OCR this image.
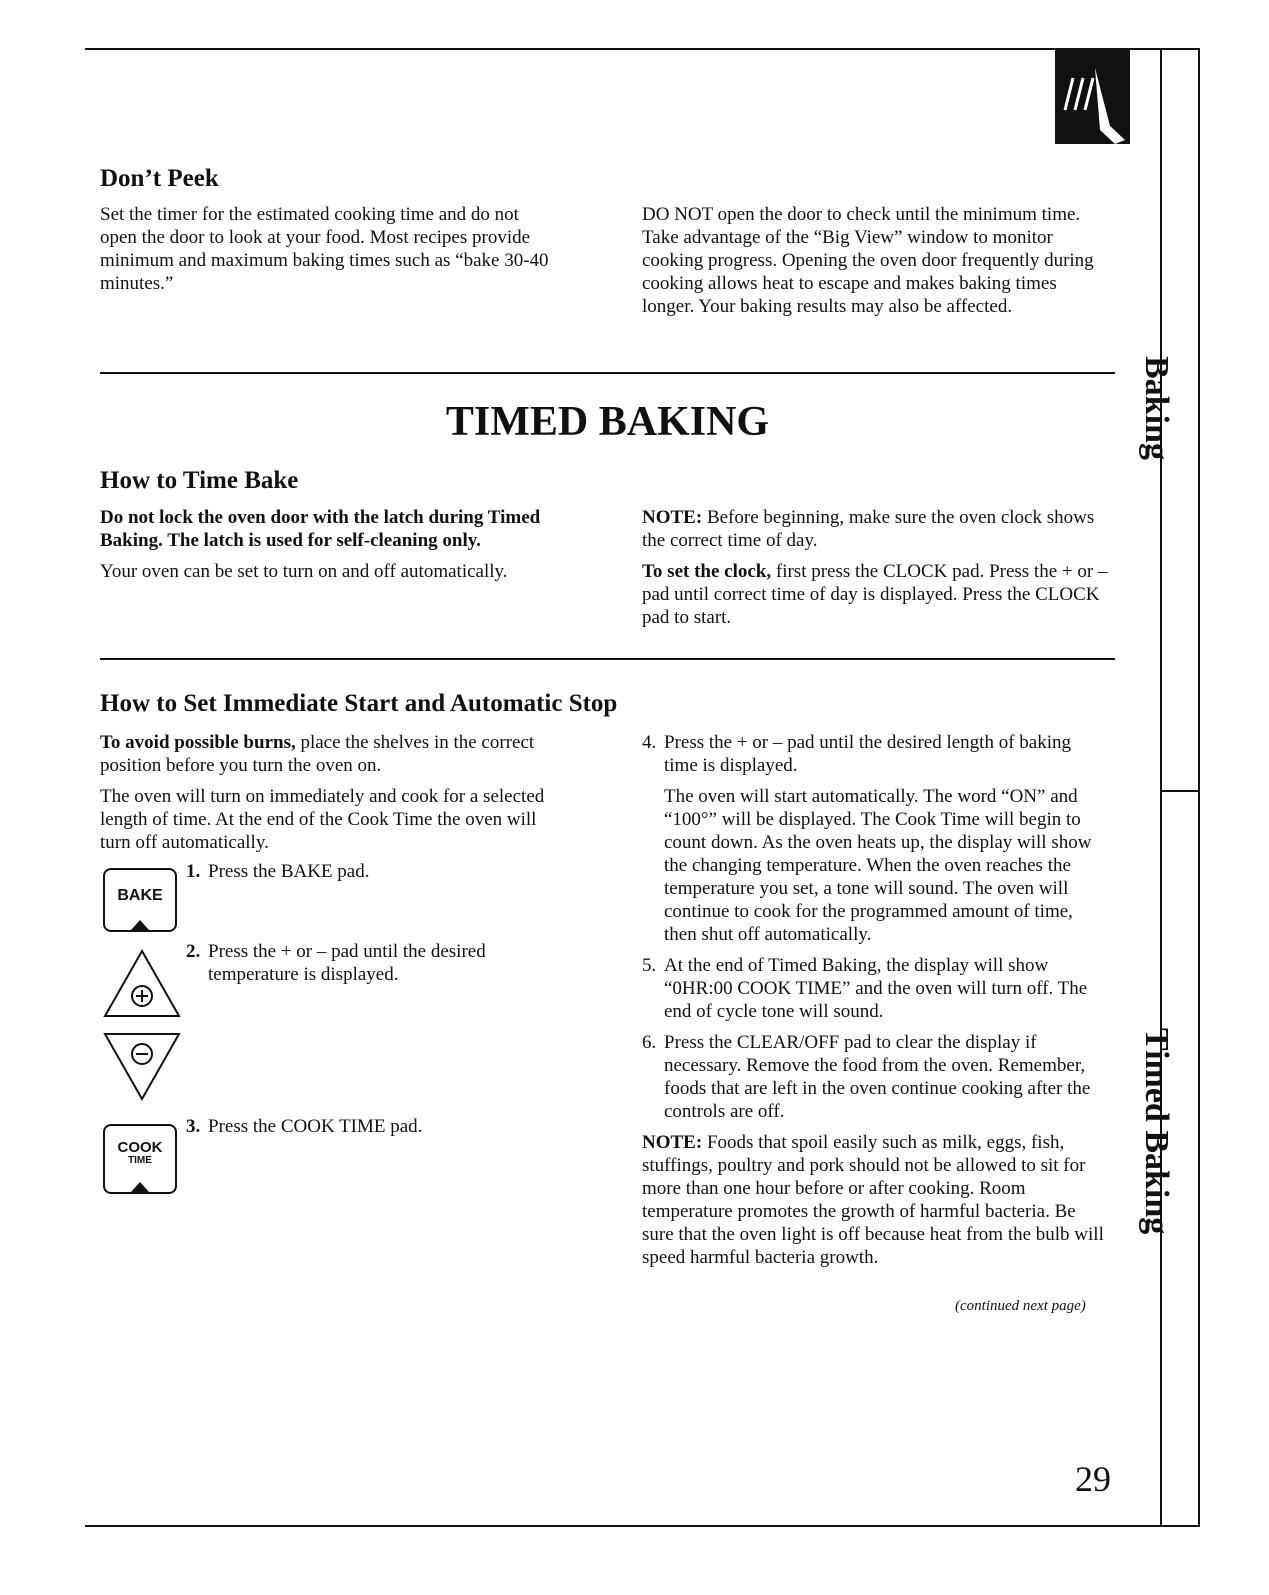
Baking
Timed Baking
Don’t Peek
Set the timer for the estimated cooking time and do not open the door to look at your food. Most recipes provide minimum and maximum baking times such as “bake 30-40 minutes.”
DO NOT open the door to check until the minimum time. Take advantage of the “Big View” window to monitor cooking progress. Opening the oven door frequently during cooking allows heat to escape and makes baking times longer. Your baking results may also be affected.
TIMED BAKING
How to Time Bake

Do not lock the oven door with the latch during Timed Baking. The latch is used for self-cleaning only.

Your oven can be set to turn on and off automatically.

NOTE: Before beginning, make sure the oven clock shows the correct time of day.

To set the clock, first press the CLOCK pad. Press the + or – pad until correct time of day is displayed. Press the CLOCK pad to start.

How to Set Immediate Start and Automatic Stop

To avoid possible burns, place the shelves in the correct position before you turn the oven on.

The oven will turn on immediately and cook for a selected length of time. At the end of the Cook Time the oven will turn off automatically.

BAKE
1. Press the BAKE pad.
2. Press the + or – pad until the desired temperature is displayed.
COOK
TIME
3. Press the COOK TIME pad.
4. Press the + or – pad until the desired length of baking time is displayed.

The oven will start automatically. The word “ON” and “100°” will be displayed. The Cook Time will begin to count down. As the oven heats up, the display will show the changing temperature. When the oven reaches the temperature you set, a tone will sound. The oven will continue to cook for the programmed amount of time, then shut off automatically.

5. At the end of Timed Baking, the display will show “0HR:00 COOK TIME” and the oven will turn off. The end of cycle tone will sound.

6. Press the CLEAR/OFF pad to clear the display if necessary. Remove the food from the oven. Remember, foods that are left in the oven continue cooking after the controls are off.

NOTE: Foods that spoil easily such as milk, eggs, fish, stuffings, poultry and pork should not be allowed to sit for more than one hour before or after cooking. Room temperature promotes the growth of harmful bacteria. Be sure that the oven light is off because heat from the bulb will speed harmful bacteria growth.

(continued next page)
29
